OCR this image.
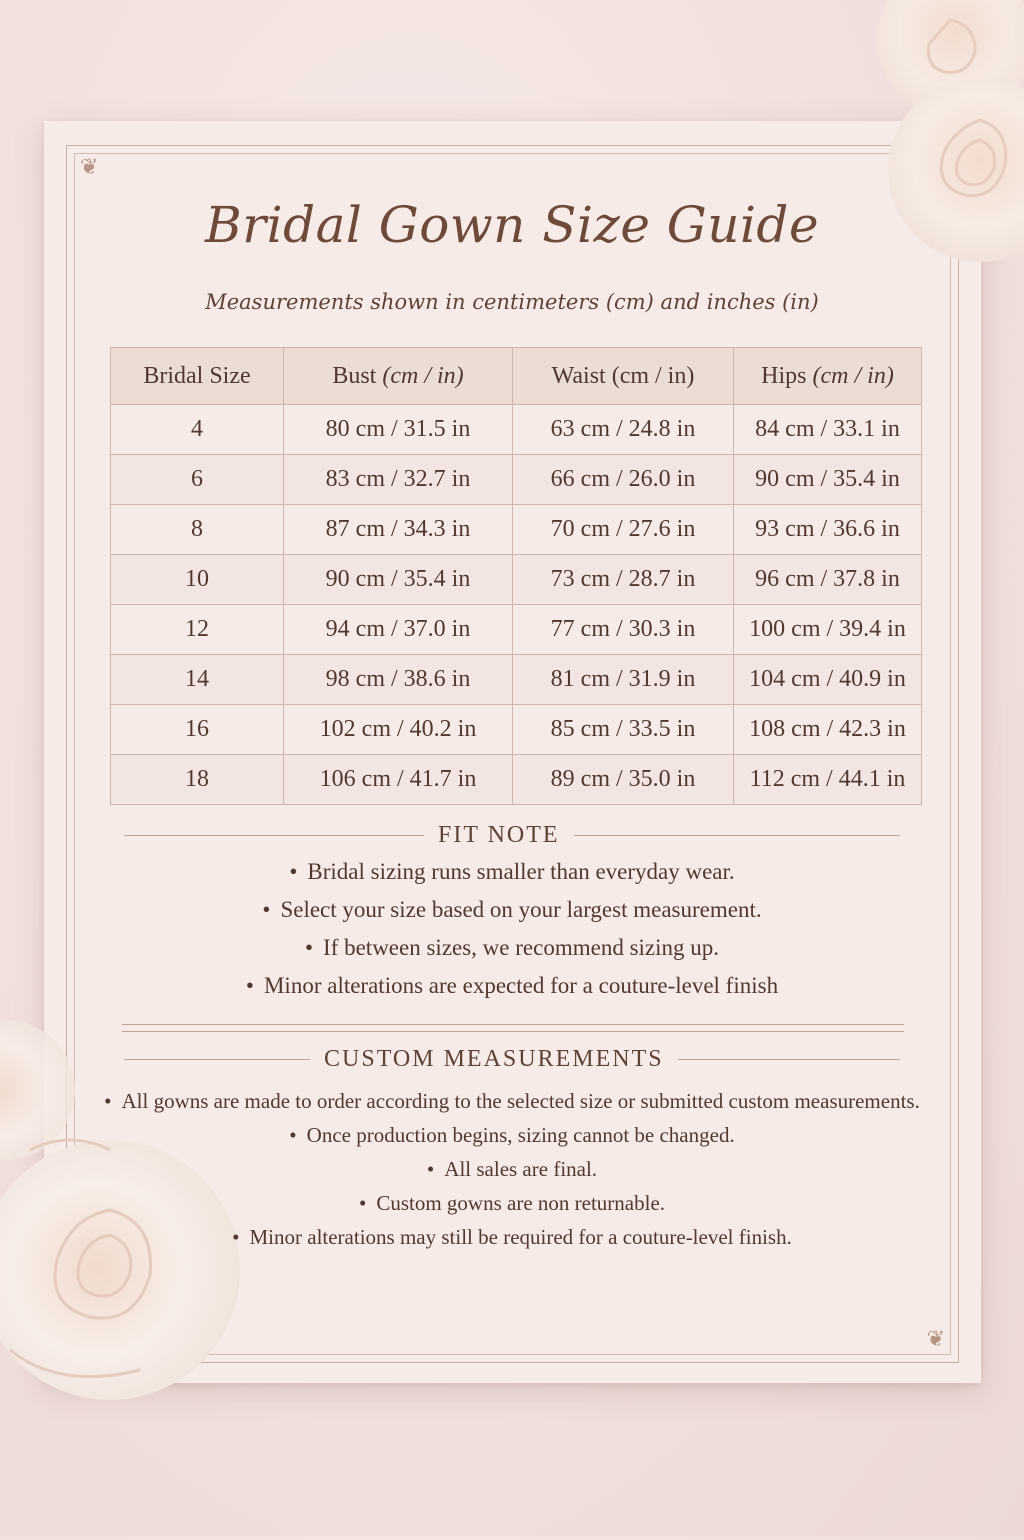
❦
❦
Bridal Gown Size Guide
Measurements shown in centimeters (cm) and inches (in)
Bridal Size	Bust (cm / in)	Waist (cm / in)	Hips (cm / in)
4	80 cm / 31.5 in	63 cm / 24.8 in	84 cm / 33.1 in
6	83 cm / 32.7 in	66 cm / 26.0 in	90 cm / 35.4 in
8	87 cm / 34.3 in	70 cm / 27.6 in	93 cm / 36.6 in
10	90 cm / 35.4 in	73 cm / 28.7 in	96 cm / 37.8 in
12	94 cm / 37.0 in	77 cm / 30.3 in	100 cm / 39.4 in
14	98 cm / 38.6 in	81 cm / 31.9 in	104 cm / 40.9 in
16	102 cm / 40.2 in	85 cm / 33.5 in	108 cm / 42.3 in
18	106 cm / 41.7 in	89 cm / 35.0 in	112 cm / 44.1 in
FIT NOTE
• Bridal sizing runs smaller than everyday wear.
• Select your size based on your largest measurement.
• If between sizes, we recommend sizing up.
• Minor alterations are expected for a couture-level finish
CUSTOM MEASUREMENTS
• All gowns are made to order according to the selected size or submitted custom measurements.
• Once production begins, sizing cannot be changed.
• All sales are final.
• Custom gowns are non returnable.
• Minor alterations may still be required for a couture-level finish.
